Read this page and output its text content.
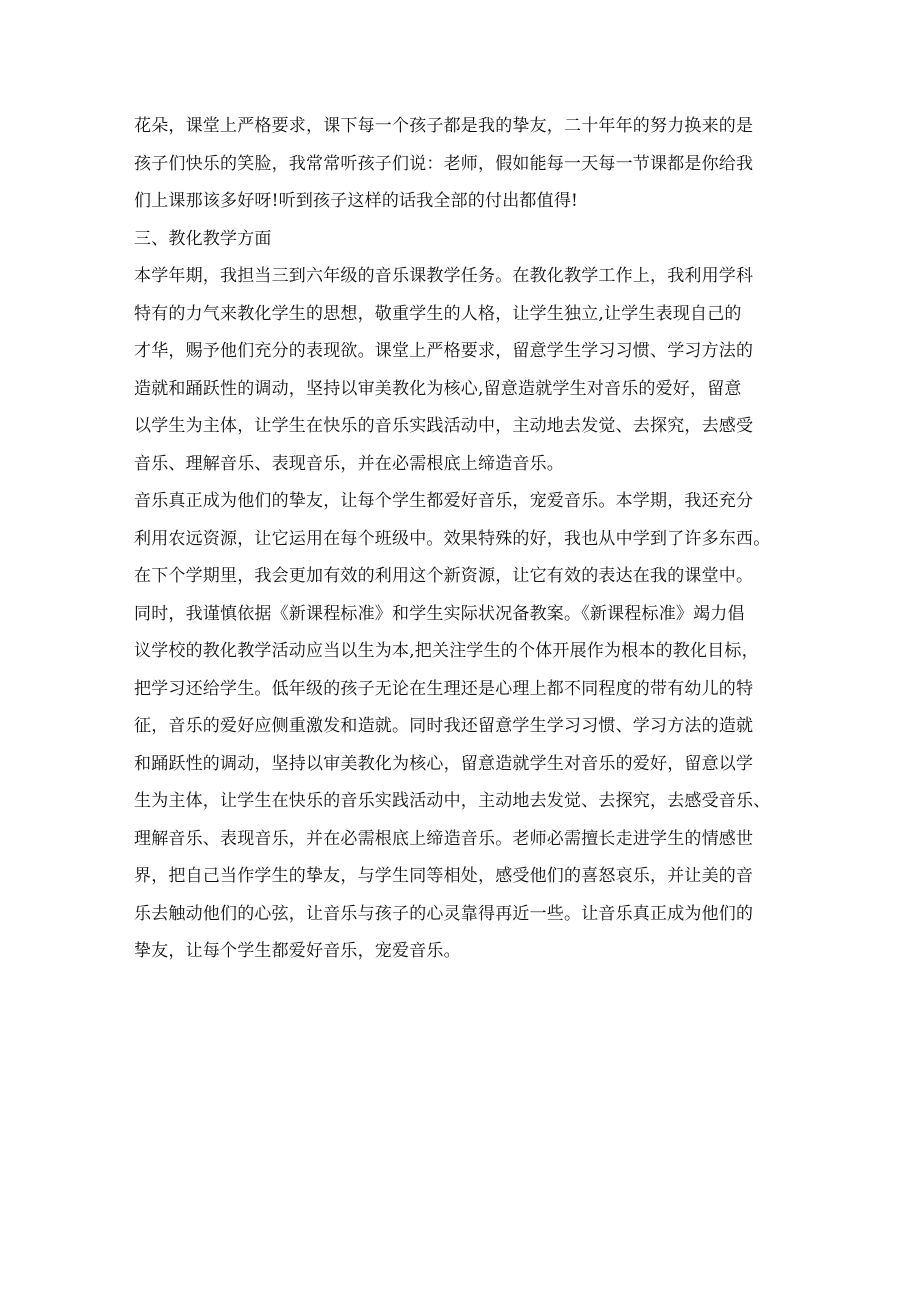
花朵，课堂上严格要求，课下每一个孩子都是我的挚友，二十年年的努力换来的是
孩子们快乐的笑脸，我常常听孩子们说：老师，假如能每一天每一节课都是你给我
们上课那该多好呀!听到孩子这样的话我全部的付出都值得!
三、教化教学方面
本学年期，我担当三到六年级的音乐课教学任务。在教化教学工作上，我利用学科
特有的力气来教化学生的思想，敬重学生的人格，让学生独立,让学生表现自己的
才华，赐予他们充分的表现欲。课堂上严格要求，留意学生学习习惯、学习方法的
造就和踊跃性的调动，坚持以审美教化为核心,留意造就学生对音乐的爱好，留意
以学生为主体，让学生在快乐的音乐实践活动中，主动地去发觉、去探究，去感受
音乐、理解音乐、表现音乐，并在必需根底上缔造音乐。
音乐真正成为他们的挚友，让每个学生都爱好音乐，宠爱音乐。本学期，我还充分
利用农远资源，让它运用在每个班级中。效果特殊的好，我也从中学到了许多东西。
在下个学期里，我会更加有效的利用这个新资源，让它有效的表达在我的课堂中。
同时，我谨慎依据《新课程标准》和学生实际状况备教案。《新课程标准》竭力倡
议学校的教化教学活动应当以生为本,把关注学生的个体开展作为根本的教化目标，
把学习还给学生。低年级的孩子无论在生理还是心理上都不同程度的带有幼儿的特
征，音乐的爱好应侧重激发和造就。同时我还留意学生学习习惯、学习方法的造就
和踊跃性的调动，坚持以审美教化为核心，留意造就学生对音乐的爱好，留意以学
生为主体，让学生在快乐的音乐实践活动中，主动地去发觉、去探究，去感受音乐、
理解音乐、表现音乐，并在必需根底上缔造音乐。老师必需擅长走进学生的情感世
界，把自己当作学生的挚友，与学生同等相处，感受他们的喜怒哀乐，并让美的音
乐去触动他们的心弦，让音乐与孩子的心灵靠得再近一些。让音乐真正成为他们的
挚友，让每个学生都爱好音乐，宠爱音乐。
